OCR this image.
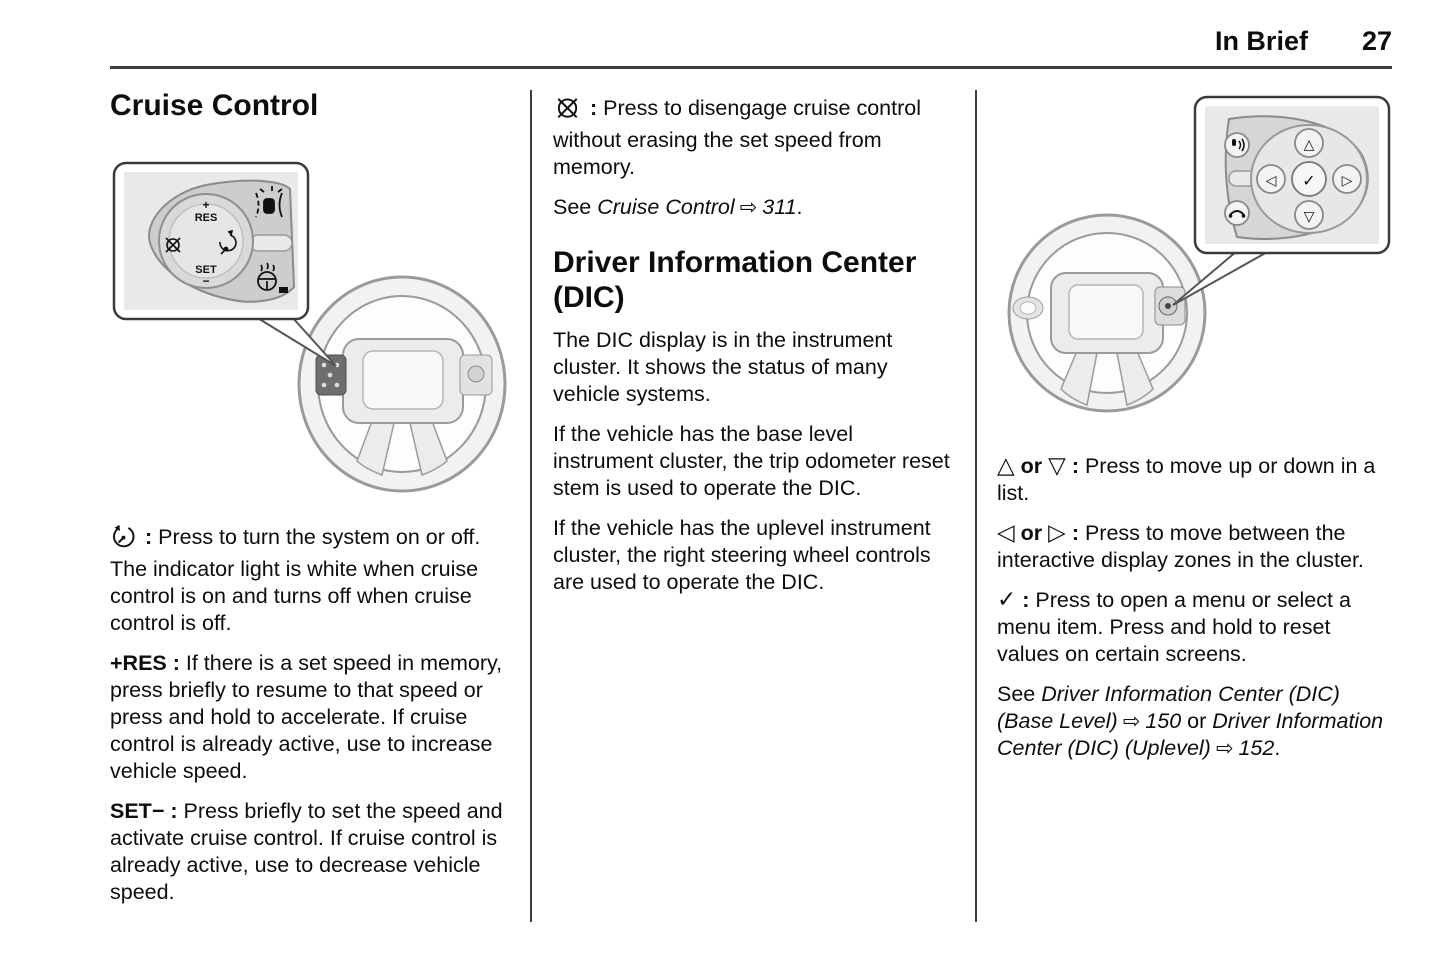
In Brief 27
Cruise Control
+
RES
SET
−

: Press to turn the system on or off. The indicator light is white when cruise control is on and turns off when cruise control is off.

+RES : If there is a set speed in memory, press briefly to resume to that speed or press and hold to accelerate. If cruise control is already active, use to increase vehicle speed.

SET− : Press briefly to set the speed and activate cruise control. If cruise control is already active, use to decrease vehicle speed.

: Press to disengage cruise control without erasing the set speed from memory.

See Cruise Control ⇨ 311.

Driver Information Center (DIC)

The DIC display is in the instrument cluster. It shows the status of many vehicle systems.

If the vehicle has the base level instrument cluster, the trip odometer reset stem is used to operate the DIC.

If the vehicle has the uplevel instrument cluster, the right steering wheel controls are used to operate the DIC.

△
▽
◁	▷
✓

△ or ▽ : Press to move up or down in a list.

◁ or ▷ : Press to move between the interactive display zones in the cluster.

✓ : Press to open a menu or select a menu item. Press and hold to reset values on certain screens.

See Driver Information Center (DIC) (Base Level) ⇨ 150 or Driver Information Center (DIC) (Uplevel) ⇨ 152.
